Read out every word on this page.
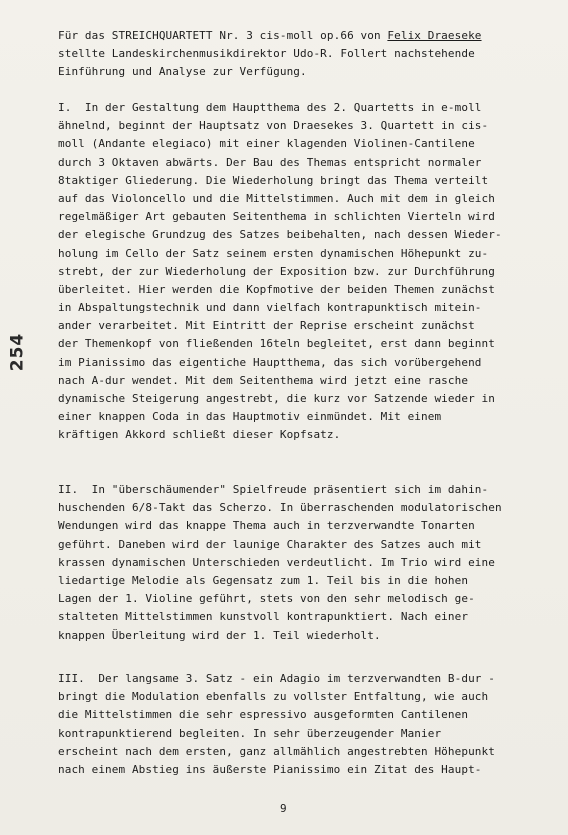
254
Für das STREICHQUARTETT Nr. 3 cis-moll op.66 von Felix Draeseke
stellte Landeskirchenmusikdirektor Udo-R. Follert nachstehende
Einführung und Analyse zur Verfügung.
I.  In der Gestaltung dem Hauptthema des 2. Quartetts in e-moll
ähnelnd, beginnt der Hauptsatz von Draesekes 3. Quartett in cis-
moll (Andante elegiaco) mit einer klagenden Violinen-Cantilene
durch 3 Oktaven abwärts. Der Bau des Themas entspricht normaler
8taktiger Gliederung. Die Wiederholung bringt das Thema verteilt
auf das Violoncello und die Mittelstimmen. Auch mit dem in gleich
regelmäßiger Art gebauten Seitenthema in schlichten Vierteln wird
der elegische Grundzug des Satzes beibehalten, nach dessen Wieder-
holung im Cello der Satz seinem ersten dynamischen Höhepunkt zu-
strebt, der zur Wiederholung der Exposition bzw. zur Durchführung
überleitet. Hier werden die Kopfmotive der beiden Themen zunächst
in Abspaltungstechnik und dann vielfach kontrapunktisch mitein-
ander verarbeitet. Mit Eintritt der Reprise erscheint zunächst
der Themenkopf von fließenden 16teln begleitet, erst dann beginnt
im Pianissimo das eigentiche Hauptthema, das sich vorübergehend
nach A-dur wendet. Mit dem Seitenthema wird jetzt eine rasche
dynamische Steigerung angestrebt, die kurz vor Satzende wieder in
einer knappen Coda in das Hauptmotiv einmündet. Mit einem
kräftigen Akkord schließt dieser Kopfsatz.
II.  In "überschäumender" Spielfreude präsentiert sich im dahin-
huschenden 6/8-Takt das Scherzo. In überraschenden modulatorischen
Wendungen wird das knappe Thema auch in terzverwandte Tonarten
geführt. Daneben wird der launige Charakter des Satzes auch mit
krassen dynamischen Unterschieden verdeutlicht. Im Trio wird eine
liedartige Melodie als Gegensatz zum 1. Teil bis in die hohen
Lagen der 1. Violine geführt, stets von den sehr melodisch ge-
stalteten Mittelstimmen kunstvoll kontrapunktiert. Nach einer
knappen Überleitung wird der 1. Teil wiederholt.
III.  Der langsame 3. Satz - ein Adagio im terzverwandten B-dur -
bringt die Modulation ebenfalls zu vollster Entfaltung, wie auch
die Mittelstimmen die sehr espressivo ausgeformten Cantilenen
kontrapunktierend begleiten. In sehr überzeugender Manier
erscheint nach dem ersten, ganz allmählich angestrebten Höhepunkt
nach einem Abstieg ins äußerste Pianissimo ein Zitat des Haupt-
9
